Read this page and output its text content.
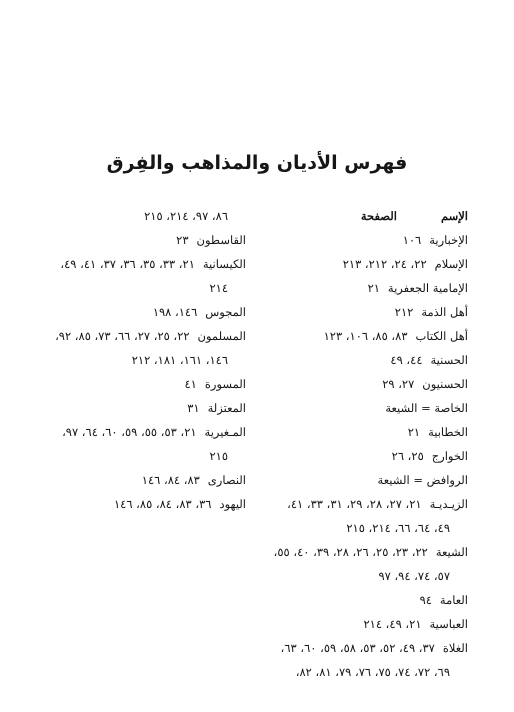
فهرس الأديان والمذاهب والفِرق
الإسم
الصفحة
الإخبارية١٠٦
الإسلام٢٢، ٢٤، ٢١٢، ٢١٣
الإمامية الجعفرية٢١
أهل الذمة٢١٢
أهل الكتاب٨٣، ٨٥، ١٠٦، ١٢٣
الحسنية٤٤، ٤٩
الحسنيون٢٧، ٢٩
الخاصة = الشيعة
الخطابية٢١
الخوارج٢٥، ٢٦
الروافض = الشيعة
الزيـديـة٢١، ٢٧، ٢٨، ٢٩، ٣١، ٣٣، ٤١،
٤٩، ٦٤، ٦٦، ٢١٤، ٢١٥
الشيعة٢٢، ٢٣، ٢٥، ٢٦، ٢٨، ٣٩، ٤٠، ٥٥،
٥٧، ٧٤، ٩٤، ٩٧
العامة٩٤
العباسية٢١، ٤٩، ٢١٤
الغلاة٣٧، ٤٩، ٥٢، ٥٣، ٥٨، ٥٩، ٦٠، ٦٣،
٦٩، ٧٢، ٧٤، ٧٥، ٧٦، ٧٩، ٨١، ٨٢،
٨٦، ٩٧، ٢١٤، ٢١٥
القاسطون٢٣
الكيسانية٢١، ٣٣، ٣٥، ٣٦، ٣٧، ٤١، ٤٩،
٢١٤
المجوس١٤٦، ١٩٨
المسلمون٢٢، ٢٥، ٢٧، ٦٦، ٧٣، ٨٥، ٩٢،
١٤٦، ١٦١، ١٨١، ٢١٢
المسورة٤١
المعتزلة٣١
المـغيرية٢١، ٥٣، ٥٥، ٥٩، ٦٠، ٦٤، ٩٧،
٢١٥
النصارى٨٣، ٨٤، ١٤٦
اليهود٣٦، ٨٣، ٨٤، ٨٥، ١٤٦
